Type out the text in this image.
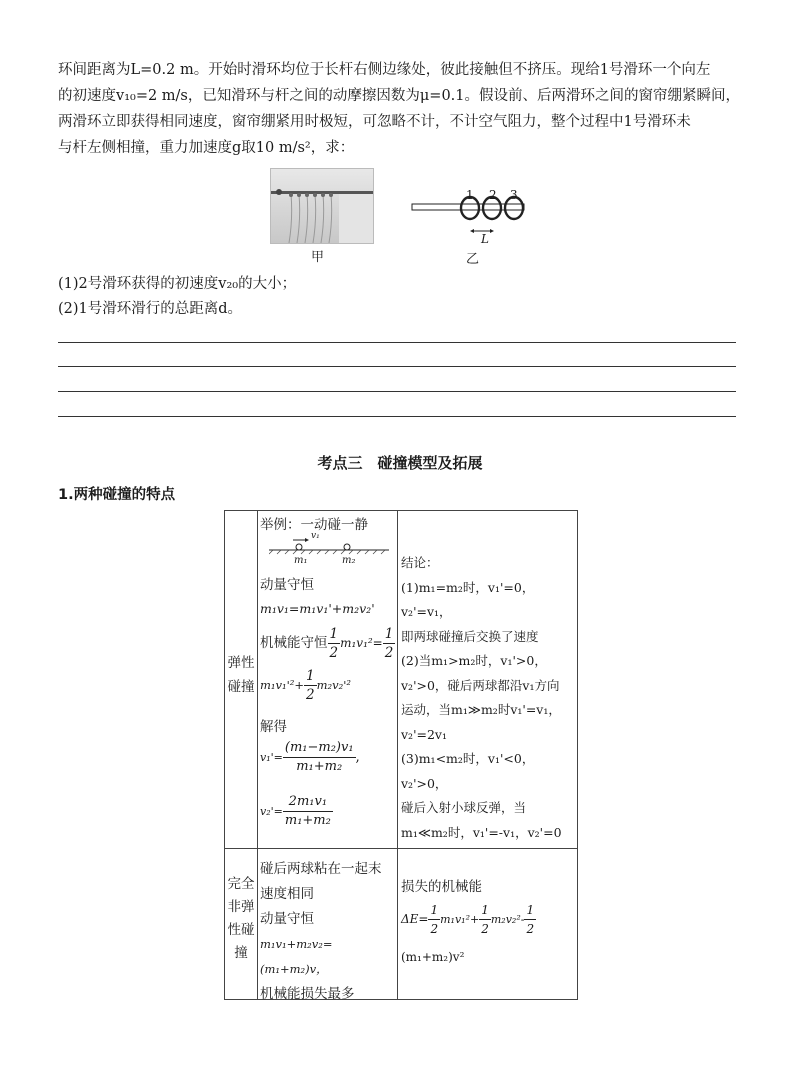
环间距离为L=0.2 m。开始时滑环均位于长杆右侧边缘处，彼此接触但不挤压。现给1号滑环一个向左
的初速度v₁₀=2 m/s，已知滑环与杆之间的动摩擦因数为μ=0.1。假设前、后两滑环之间的窗帘绷紧瞬间，
两滑环立即获得相同速度，窗帘绷紧用时极短，可忽略不计，不计空气阻力，整个过程中1号滑环未
与杆左侧相撞，重力加速度g取10 m/s²，求：
甲
1 2 3
L
乙
(1)2号滑环获得的初速度v₂₀的大小；
(2)1号滑环滑行的总距离d。
考点三　碰撞模型及拓展
1.两种碰撞的特点
弹性
碰撞
举例：一动碰一静
v₁
m₁	m₂
动量守恒
m₁v₁=m₁v₁'+m₂v₂'
机械能守恒 $\frac{1}{2} m_1v_1^2= \frac{1}{2}$
$m_1v_1'^2+ \frac{1}{2} m_2v_2'^2$
解得
$v_1'= \frac{\text{(m₁−m₂)v₁}}{\text{m₁+m₂}}$ ,
$v_2'= \frac{\text{2m₁v₁}}{\text{m₁+m₂}}$
结论：
(1)m₁=m₂时，v₁'=0，v₂'=v₁，
即两球碰撞后交换了速度
(2)当m₁>m₂时，v₁'>0，
v₂'>0，碰后两球都沿v₁方向
运动，当m₁≫m₂时v₁'=v₁，
v₂'=2v₁
(3)m₁<m₂时，v₁'<0，v₂'>0，
碰后入射小球反弹，当
m₁≪m₂时，v₁'=-v₁，v₂'=0
完全
非弹
性碰
撞
碰后两球粘在一起末
速度相同
动量守恒
m₁v₁+m₂v₂=(m₁+m₂)v，
机械能损失最多
损失的机械能
$\Delta E= \frac{1}{2} m_1v_1^2+ \frac{1}{2} m_2v_2^2- \frac{1}{2}$
(m₁+m₂)v²
